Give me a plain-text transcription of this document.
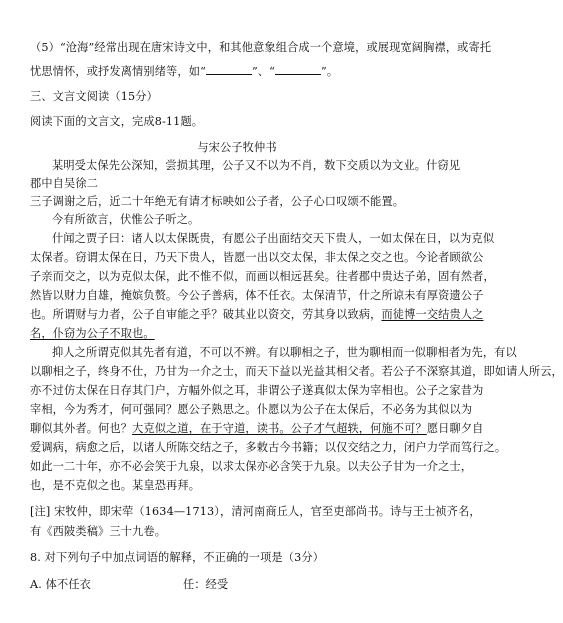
（5）“沧海”经常出现在唐宋诗文中，和其他意象组合成一个意境，或展现宽阔胸襟，或寄托
忧思情怀，或抒发离情别绪等，如“	”、“	”。
三、文言文阅读（15分）
阅读下面的文言文，完成8-11题。
与宋公子牧仲书
某明受太保先公深知，尝损其理，公子又不以为不肖，数下交质以为文业。什窃见
郡中自吴徐二
三子调谢之后，近二十年绝无有请才标映如公子者，公子心口叹颂不能置。
今有所欲言，伏惟公子听之。
什闻之贾子曰：诸人以太保既贵，有愿公子出面结交天下贵人，一如太保在日，以为克似
太保者。窃谓太保在日，乃天下贵人，皆愿一出以交太保，非太保之交之也。今论者顾欲公
子亲而交之，以为克似太保，此不惟不似，而画以相远甚矣。往者郡中贵达子弟，固有然者，
然皆以财力自雄，掩嫔负赘。今公子善病，体不任衣。太保清节，什之所谅未有厚资遗公子
也。所谓财与力者，公子自审能之乎？破其业以资交，劳其身以致病，而徒博一交结贵人之
名，仆窃为公子不取也。
抑人之所谓克似其先者有道，不可以不辨。有以聊相之子，世为聊相而一似聊相者为先，有以
以聊相之子，终身不仕，乃甘为一介之士，而天下益以光益其相父者。若公子不深察其道，即如请人所云，
亦不过仿太保在日存其门户，方幅外似之耳，非谓公子遂真似太保为宰相也。公子之家昔为
宰相，今为秀才，何可强同？愿公子熟思之。仆愿以为公子在太保后，不必务为其似以为
聊似其外者。何也？大克似之道，在于守道，读书。公子才气超轶，何施不可？愿日聊夕自
爱调病，病愈之后，以诸人所陈交结之子，多敕古今书籍；以仅交结之力，闭户力学而笃行之。
如此一二十年，亦不必会笑于九泉，以求太保亦必含笑于九泉。以夫公子甘为一介之士，
也，是不克似之也。某皇恐再拜。
[注] 宋牧仲，即宋荦（1634—1713），清河南商丘人，官至吏部尚书。诗与王士祯齐名，
有《西陂类稿》三十九卷。
8. 对下列句子中加点词语的解释，不正确的一项是（3分）
A. 体不任衣	任：经受
